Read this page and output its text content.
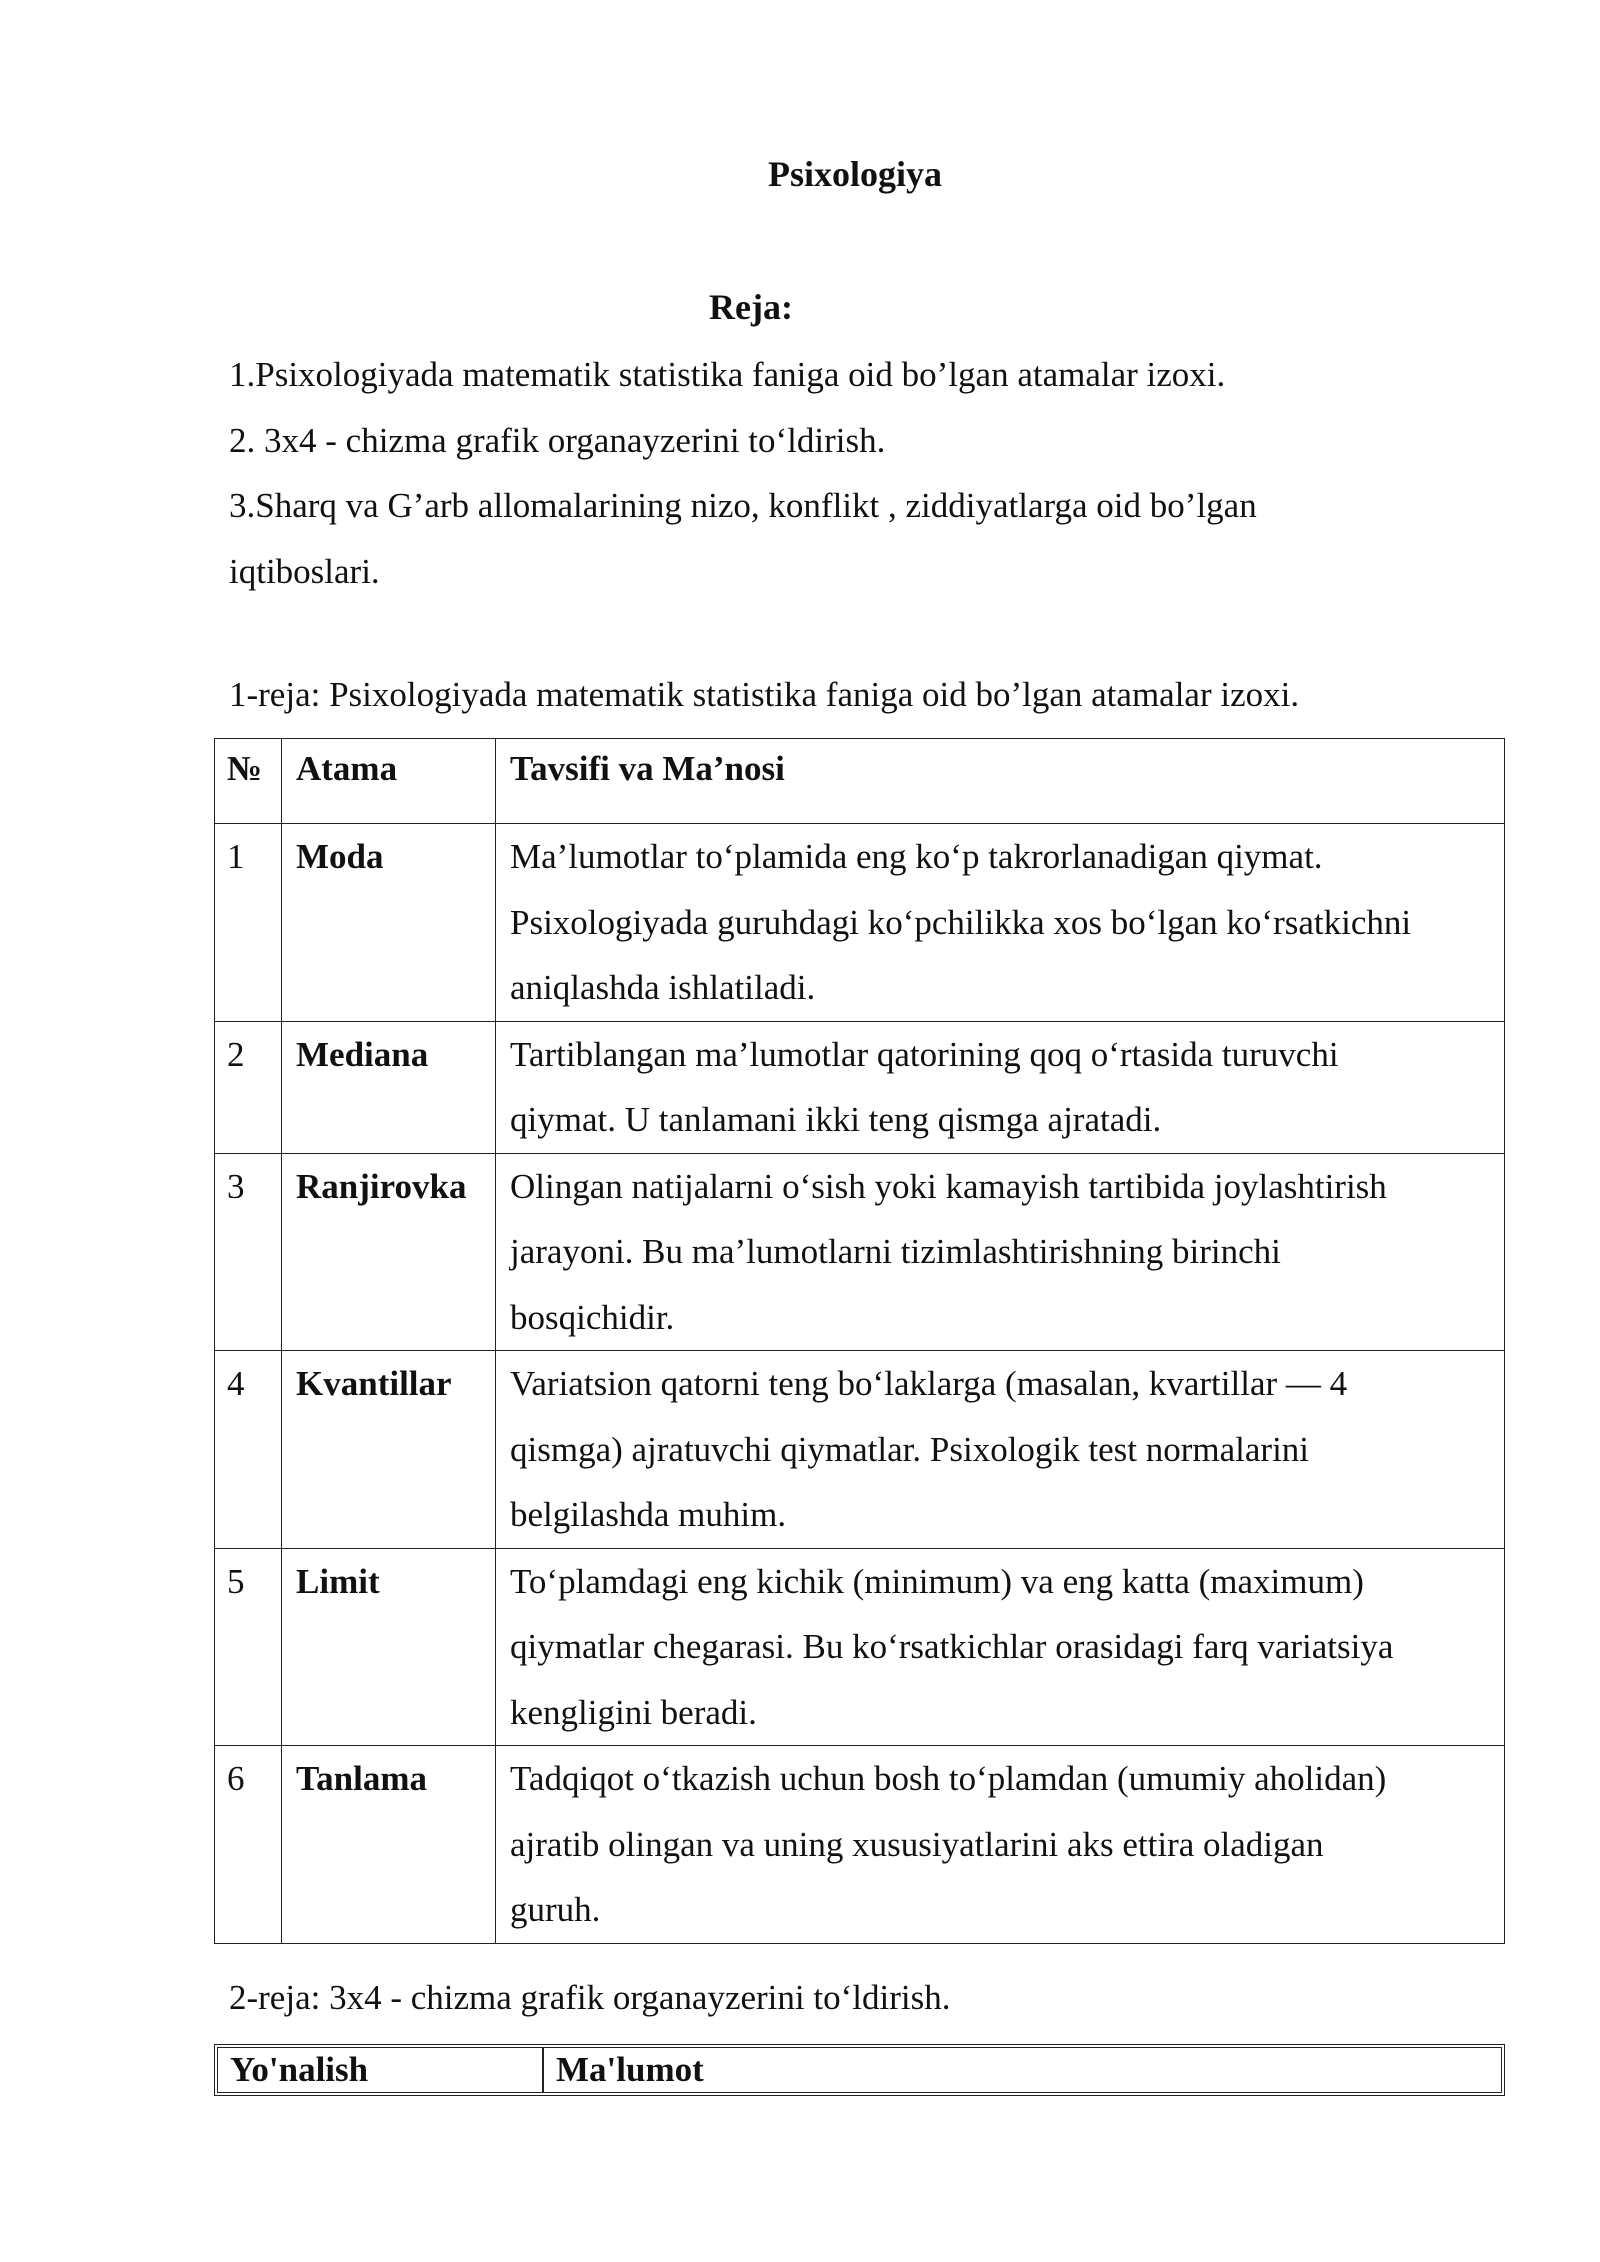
Psixologiya
Reja:
1.Psixologiyada matematik statistika faniga oid bo’lgan atamalar izoxi.
2. 3x4 - chizma grafik organayzerini to‘ldirish.
3.Sharq va G’arb allomalarining nizo, konflikt , ziddiyatlarga oid bo’lgan
iqtiboslari.

1-reja: Psixologiyada matematik statistika faniga oid bo’lgan atamalar izoxi.

№	Atama	Tavsifi va Ma’nosi
1	Moda	Ma’lumotlar to‘plamida eng ko‘p takrorlanadigan qiymat.
Psixologiyada guruhdagi ko‘pchilikka xos bo‘lgan ko‘rsatkichni
aniqlashda ishlatiladi.

2	Mediana	Tartiblangan ma’lumotlar qatorining qoq o‘rtasida turuvchi
qiymat. U tanlamani ikki teng qismga ajratadi.

3	Ranjirovka	Olingan natijalarni o‘sish yoki kamayish tartibida joylashtirish
jarayoni. Bu ma’lumotlarni tizimlashtirishning birinchi
bosqichidir.

4	Kvantillar	Variatsion qatorni teng bo‘laklarga (masalan, kvartillar — 4
qismga) ajratuvchi qiymatlar. Psixologik test normalarini
belgilashda muhim.

5	Limit	To‘plamdagi eng kichik (minimum) va eng katta (maximum)
qiymatlar chegarasi. Bu ko‘rsatkichlar orasidagi farq variatsiya
kengligini beradi.

6	Tanlama	Tadqiqot o‘tkazish uchun bosh to‘plamdan (umumiy aholidan)
ajratib olingan va uning xususiyatlarini aks ettira oladigan
guruh.

2-reja: 3x4 - chizma grafik organayzerini to‘ldirish.

Yo'nalish	Ma'lumot
